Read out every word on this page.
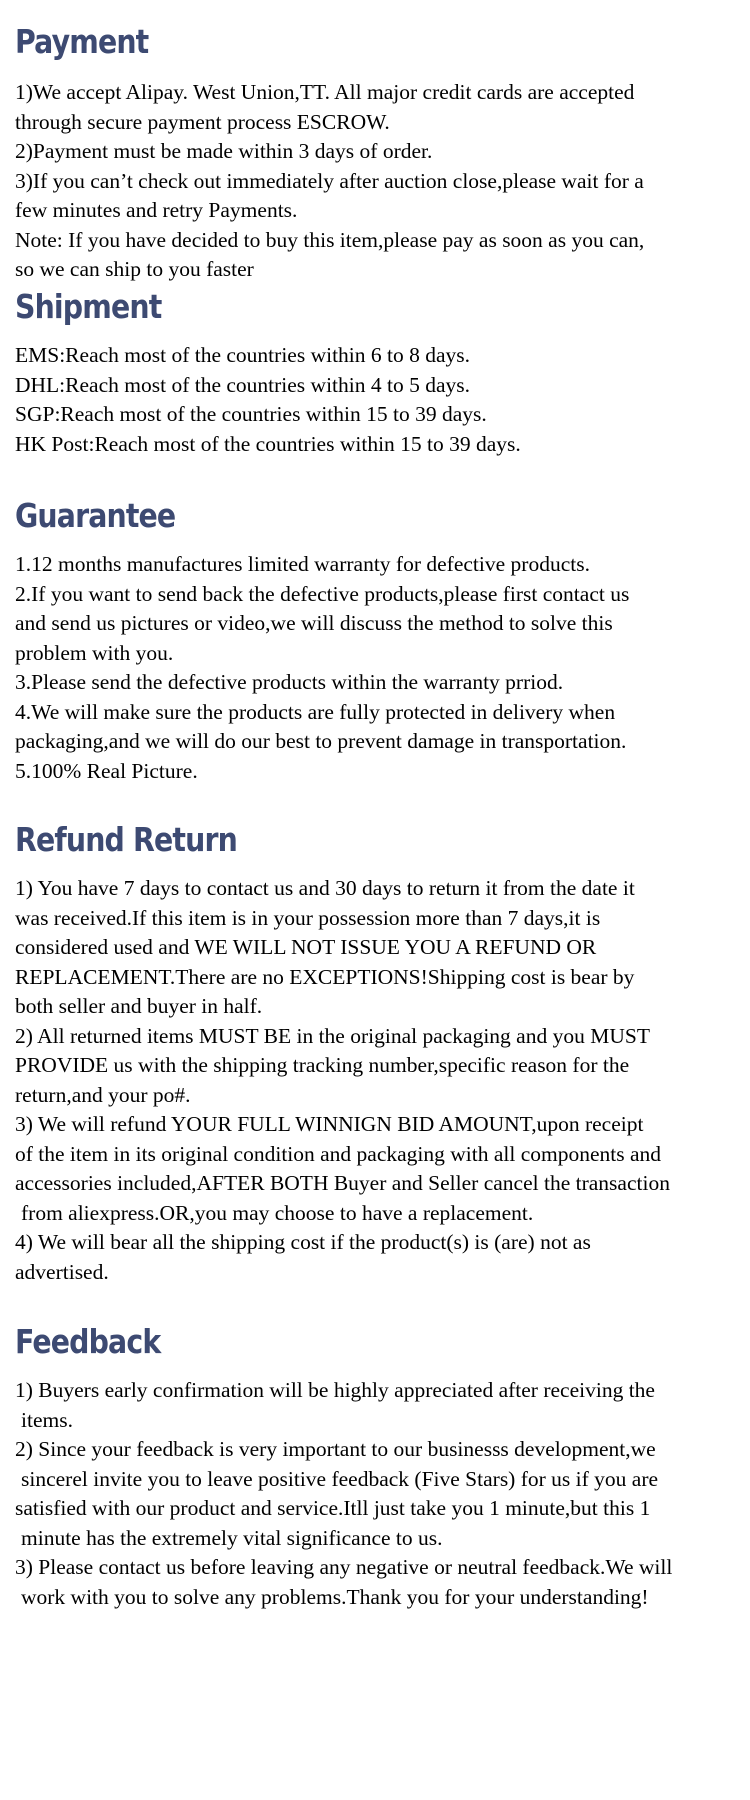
Payment
1)We accept Alipay. West Union,TT. All major credit cards are accepted
through secure payment process ESCROW.
2)Payment must be made within 3 days of order.
3)If you can’t check out immediately after auction close,please wait for a
few minutes and retry Payments.
Note: If you have decided to buy this item,please pay as soon as you can,
so we can ship to you faster
Shipment
EMS:Reach most of the countries within 6 to 8 days.
DHL:Reach most of the countries within 4 to 5 days.
SGP:Reach most of the countries within 15 to 39 days.
HK Post:Reach most of the countries within 15 to 39 days.
Guarantee
1.12 months manufactures limited warranty for defective products.
2.If you want to send back the defective products,please first contact us
and send us pictures or video,we will discuss the method to solve this
problem with you.
3.Please send the defective products within the warranty prriod.
4.We will make sure the products are fully protected in delivery when
packaging,and we will do our best to prevent damage in transportation.
5.100% Real Picture.
Refund Return
1) You have 7 days to contact us and 30 days to return it from the date it
was received.If this item is in your possession more than 7 days,it is
considered used and WE WILL NOT ISSUE YOU A REFUND OR
REPLACEMENT.There are no EXCEPTIONS!Shipping cost is bear by
both seller and buyer in half.
2) All returned items MUST BE in the original packaging and you MUST
PROVIDE us with the shipping tracking number,specific reason for the
return,and your po#.
3) We will refund YOUR FULL WINNIGN BID AMOUNT,upon receipt
of the item in its original condition and packaging with all components and
accessories included,AFTER BOTH Buyer and Seller cancel the transaction
from aliexpress.OR,you may choose to have a replacement.
4) We will bear all the shipping cost if the product(s) is (are) not as
advertised.
Feedback
1) Buyers early confirmation will be highly appreciated after receiving the
items.
2) Since your feedback is very important to our businesss development,we
sincerel invite you to leave positive feedback (Five Stars) for us if you are
satisfied with our product and service.Itll just take you 1 minute,but this 1
minute has the extremely vital significance to us.
3) Please contact us before leaving any negative or neutral feedback.We will
work with you to solve any problems.Thank you for your understanding!
